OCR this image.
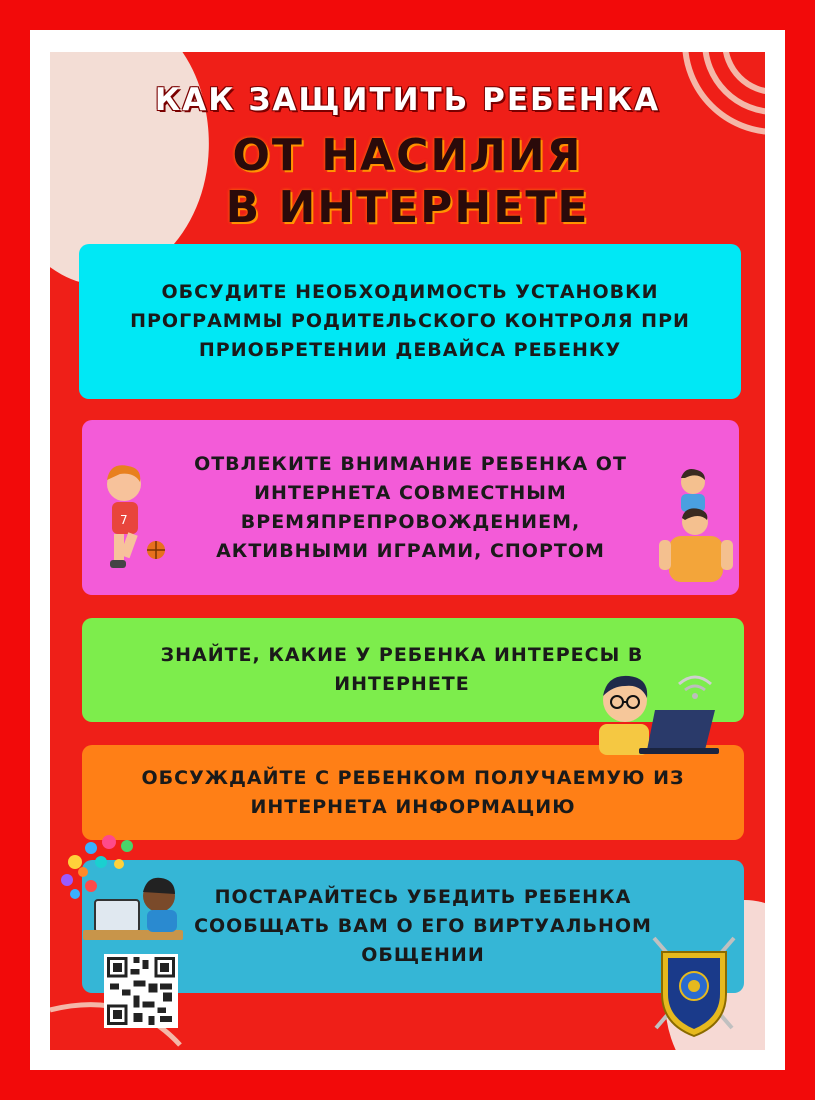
КАК ЗАЩИТИТЬ РЕБЕНКА
ОТ НАСИЛИЯ
В ИНТЕРНЕТЕ
ОБСУДИТЕ НЕОБХОДИМОСТЬ УСТАНОВКИ ПРОГРАММЫ РОДИТЕЛЬСКОГО КОНТРОЛЯ ПРИ ПРИОБРЕТЕНИИ ДЕВАЙСА РЕБЕНКУ
ОТВЛЕКИТЕ ВНИМАНИЕ РЕБЕНКА ОТ ИНТЕРНЕТА СОВМЕСТНЫМ ВРЕМЯПРЕПРОВОЖДЕНИЕМ, АКТИВНЫМИ ИГРАМИ, СПОРТОМ
ЗНАЙТЕ, КАКИЕ У РЕБЕНКА ИНТЕРЕСЫ В ИНТЕРНЕТЕ
ОБСУЖДАЙТЕ С РЕБЕНКОМ ПОЛУЧАЕМУЮ ИЗ ИНТЕРНЕТА ИНФОРМАЦИЮ
ПОСТАРАЙТЕСЬ УБЕДИТЬ РЕБЕНКА СООБЩАТЬ ВАМ О ЕГО ВИРТУАЛЬНОМ ОБЩЕНИИ
7
